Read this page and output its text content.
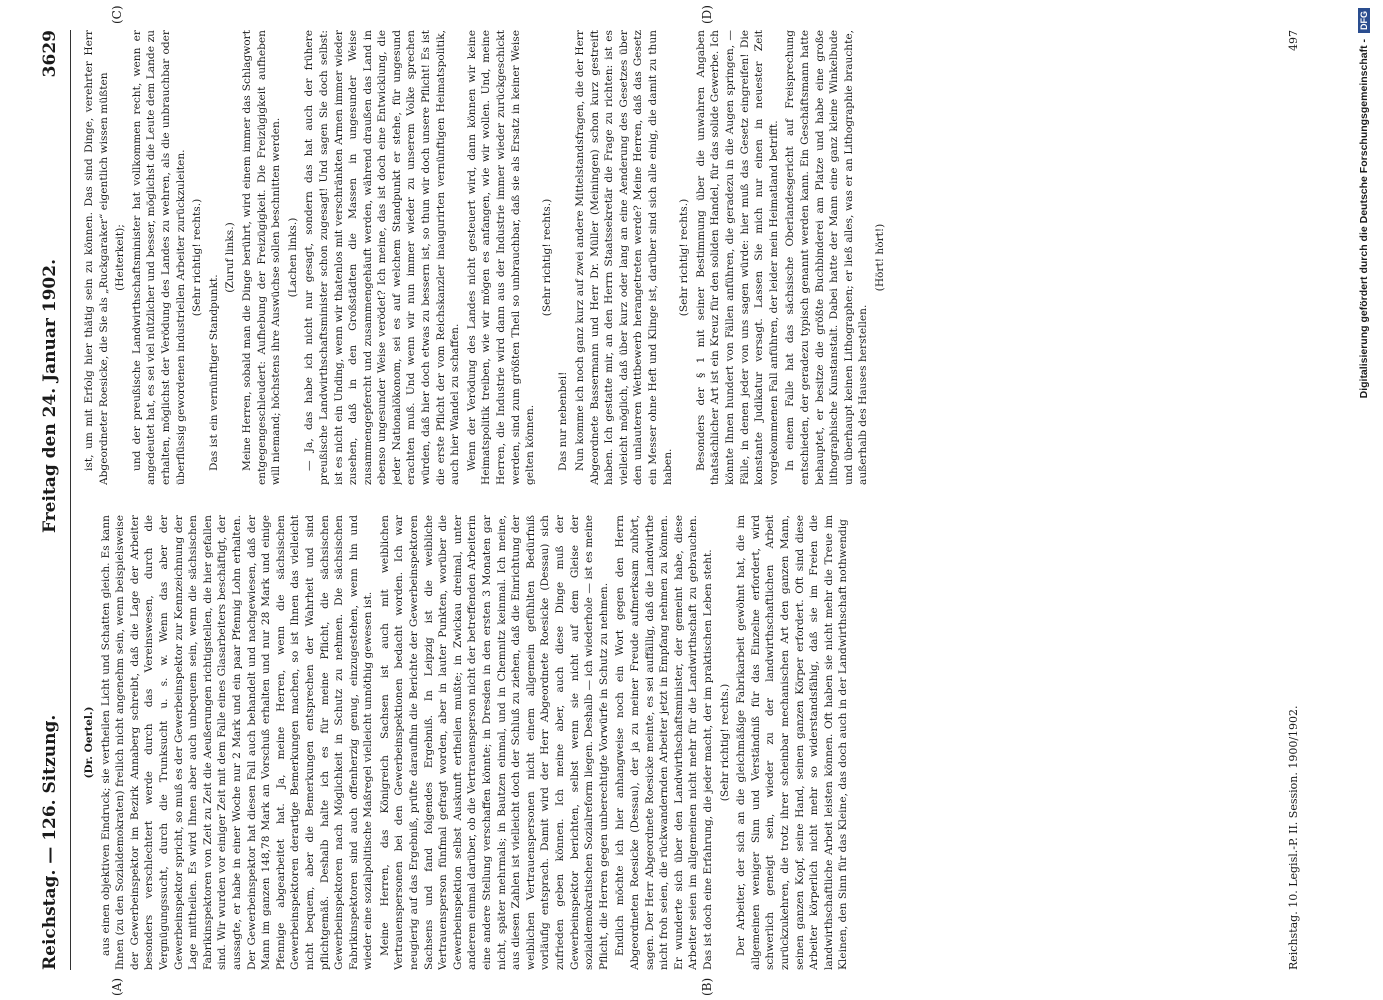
Reichstag. — 126. Sitzung.
Freitag den 24. Januar 1902.
3629

(Dr. Oertel.) aus einen objektiven Eindruck; sie vertheilen Licht und Schatten gleich. Es kann Ihnen (zu den Sozialdemokraten) freilich nicht angenehm sein, wenn beispielsweise der Gewerbeinspektor im Bezirk Annaberg schreibt, daß die Lage der Arbeiter besonders verschlechtert werde durch das Vereinswesen, durch die Vergnügungssucht, durch die Trunksucht u. s. w. Wenn das aber der Gewerbeinspektor spricht, so muß es der Gewerbeinspektor zur Kennzeichnung der Lage mittheilen. Es wird Ihnen aber auch unbequem sein, wenn die sächsischen Fabrikinspektoren von Zeit zu Zeit die Aeußerungen richtigstellen, die hier gefallen sind. Wir wurden vor einiger Zeit mit dem Falle eines Glasarbeiters beschäftigt, der aussagte, er habe in einer Woche nur 2 Mark und ein paar Pfennig Lohn erhalten. Der Gewerbeinspektor hat diesen Fall auch behandelt und nachgewiesen, daß der Mann im ganzen 148,78 Mark an Vorschuß erhalten und nur 28 Mark und einige Pfennige abgearbeitet hat. Ja, meine Herren, wenn die sächsischen Gewerbeinspektoren derartige Bemerkungen machen, so ist Ihnen das vielleicht nicht bequem, aber die Bemerkungen entsprechen der Wahrheit und sind pflichtgemäß. Deshalb halte ich es für meine Pflicht, die sächsischen Gewerbeinspektoren nach Möglichkeit in Schutz zu nehmen. Die sächsischen Fabrikinspektoren sind auch offenherzig genug, einzugestehen, wenn hin und wieder eine sozialpolitische Maßregel vielleicht unnöthig gewesen ist. Meine Herren, das Königreich Sachsen ist auch mit weiblichen Vertrauenspersonen bei den Gewerbeinspektionen bedacht worden. Ich war neugierig auf das Ergebniß, prüfte daraufhin die Berichte der Gewerbeinspektoren Sachsens und fand folgendes Ergebniß. In Leipzig ist die weibliche Vertrauensperson fünfmal gefragt worden, aber in lauter Punkten, worüber die Gewerbeinspektion selbst Auskunft ertheilen mußte; in Zwickau dreimal, unter anderem einmal darüber, ob die Vertrauensperson nicht der betreffenden Arbeiterin eine andere Stellung verschaffen könnte; in Dresden in den ersten 3 Monaten gar nicht, später mehrmals; in Bautzen einmal, und in Chemnitz keinmal. Ich meine, aus diesen Zahlen ist vielleicht doch der Schluß zu ziehen, daß die Einrichtung der weiblichen Vertrauenspersonen nicht einem allgemein gefühlten Bedürfniß vorläufig entsprach. Damit wird der Herr Abgeordnete Roesicke (Dessau) sich zufrieden geben können. Ich meine aber, auch diese Dinge muß der Gewerbeinspektor berichten, selbst wenn sie nicht auf dem Gleise der sozialdemokratischen Sozialreform liegen. Deshalb — ich wiederhole — ist es meine Pflicht, die Herren gegen unberechtigte Vorwürfe in Schutz zu nehmen. Endlich möchte ich hier anhangweise noch ein Wort gegen den Herrn Abgeordneten Roesicke (Dessau), der ja zu meiner Freude aufmerksam zuhört, sagen. Der Herr Abgeordnete Roesicke meinte, es sei auffällig, daß die Landwirthe nicht froh seien, die rückwandernden Arbeiter jetzt in Empfang nehmen zu können. Er wunderte sich über den Landwirthschaftsminister, der gemeint habe, diese Arbeiter seien im allgemeinen nicht mehr für die Landwirthschaft zu gebrauchen. Das ist doch eine Erfahrung, die jeder macht, der im praktischen Leben steht. (Sehr richtig! rechts.) Der Arbeiter, der sich an die gleichmäßige Fabrikarbeit gewöhnt hat, die im allgemeinen weniger Sinn und Verständniß für das Einzelne erfordert, wird schwerlich geneigt sein, wieder zu der landwirthschaftlichen Arbeit zurückzukehren, die trotz ihrer scheinbar mechanischen Art den ganzen Mann, seinen ganzen Kopf, seine Hand, seinen ganzen Körper erfordert. Oft sind diese Arbeiter körperlich nicht mehr so widerstandsfähig, daß sie im Freien die landwirthschaftliche Arbeit leisten können. Oft haben sie nicht mehr die Treue im Kleinen, den Sinn für das Kleine, das doch auch in der Landwirthschaft nothwendig

ist, um mit Erfolg hier thätig sein zu können. Das sind Dinge, verehrter Herr Abgeordneter Roesicke, die Sie als „Ruckgaraker“ eigentlich wissen müßten (Heiterkeit); und der preußische Landwirthschaftsminister hat vollkommen recht, wenn er angedeutet hat, es sei viel nützlicher und besser, möglichst die Leute dem Lande zu erhalten, möglichst der Verödung des Landes zu wehren, als die unbrauchbar oder überflüssig gewordenen industriellen Arbeiter zurückzuleiten. (Sehr richtig! rechts.)

Das ist ein vernünftiger Standpunkt.

(Zuruf links.) Meine Herren, sobald man die Dinge berührt, wird einem immer das Schlagwort entgegengeschleudert: Aufhebung der Freizügigkeit. Die Freizügigkeit aufheben will niemand; höchstens ihre Auswüchse sollen beschnitten werden. (Lachen links.) — Ja, das habe ich nicht nur gesagt, sondern das hat auch der frühere preußische Landwirthschaftsminister schon zugesagt! Und sagen Sie doch selbst: ist es nicht ein Unding, wenn wir thatenlos mit verschränkten Armen immer wieder zusehen, daß in den Großstädten die Massen in ungesunder Weise zusammengepfercht und zusammengehäuft werden, während draußen das Land in ebenso ungesunder Weise verödet? Ich meine, das ist doch eine Entwicklung, die jeder Nationalökonom, sei es auf welchem Standpunkt er stehe, für ungesund erachten muß. Und wenn wir nun immer wieder zu unserem Volke sprechen würden, daß hier doch etwas zu bessern ist, so thun wir doch unsere Pflicht! Es ist die erste Pflicht der vom Reichskanzler inaugurirten vernünftigen Heimatspolitik, auch hier Wandel zu schaffen. Wenn der Verödung des Landes nicht gesteuert wird, dann können wir keine Heimatspolitik treiben, wie wir mögen es anfangen, wie wir wollen. Und, meine Herren, die Industrie wird dann aus der Industrie immer wieder zurückgeschickt werden, sind zum größten Theil so unbrauchbar, daß sie als Ersatz in keiner Weise gelten können.

(Sehr richtig! rechts.)

Das nur nebenbei! Nun komme ich noch ganz kurz auf zwei andere Mittelstandsfragen, die der Herr Abgeordnete Bassermann und Herr Dr. Müller (Meiningen) schon kurz gestreift haben. Ich gestatte mir, an den Herrn Staatssekretär die Frage zu richten: ist es vielleicht möglich, daß über kurz oder lang an eine Aenderung des Gesetzes über den unlauteren Wettbewerb herangetreten werde? Meine Herren, daß das Gesetz ein Messer ohne Heft und Klinge ist, darüber sind sich alle einig, die damit zu thun haben.

(Sehr richtig! rechts.) Besonders der § 1 mit seiner Bestimmung über die unwahren Angaben thatsächlicher Art ist ein Kreuz für den soliden Handel, für das solide Gewerbe. Ich könnte Ihnen hundert von Fällen anführen, die geradezu in die Augen springen, — Fälle, in denen jeder von uns sagen würde: hier muß das Gesetz eingreifen! Die konstante Judikatur versagt. Lassen Sie mich nur einen in neuester Zeit vorgekommenen Fall anführen, der leider mein Heimatland betrifft. In einem Falle hat das sächsische Oberlandesgericht auf Freisprechung entschieden, der geradezu typisch genannt werden kann. Ein Geschäftsmann hatte behauptet, er besitze die größte Buchbinderei am Platze und habe eine große lithographische Kunstanstalt. Dabei hatte der Mann eine ganz kleine Winkelbude und überhaupt keinen Lithographen; er ließ alles, was er an Lithographie brauchte, außerhalb des Hauses herstellen.

(Hört! hört!)

(A)	(B)
(C)	(D)
Reichstag. 10. Legisl.-P. II. Session. 1900/1902.
497	Digitalisierung gefördert durch die Deutsche Forschungsgemeinschaft -
DFG
